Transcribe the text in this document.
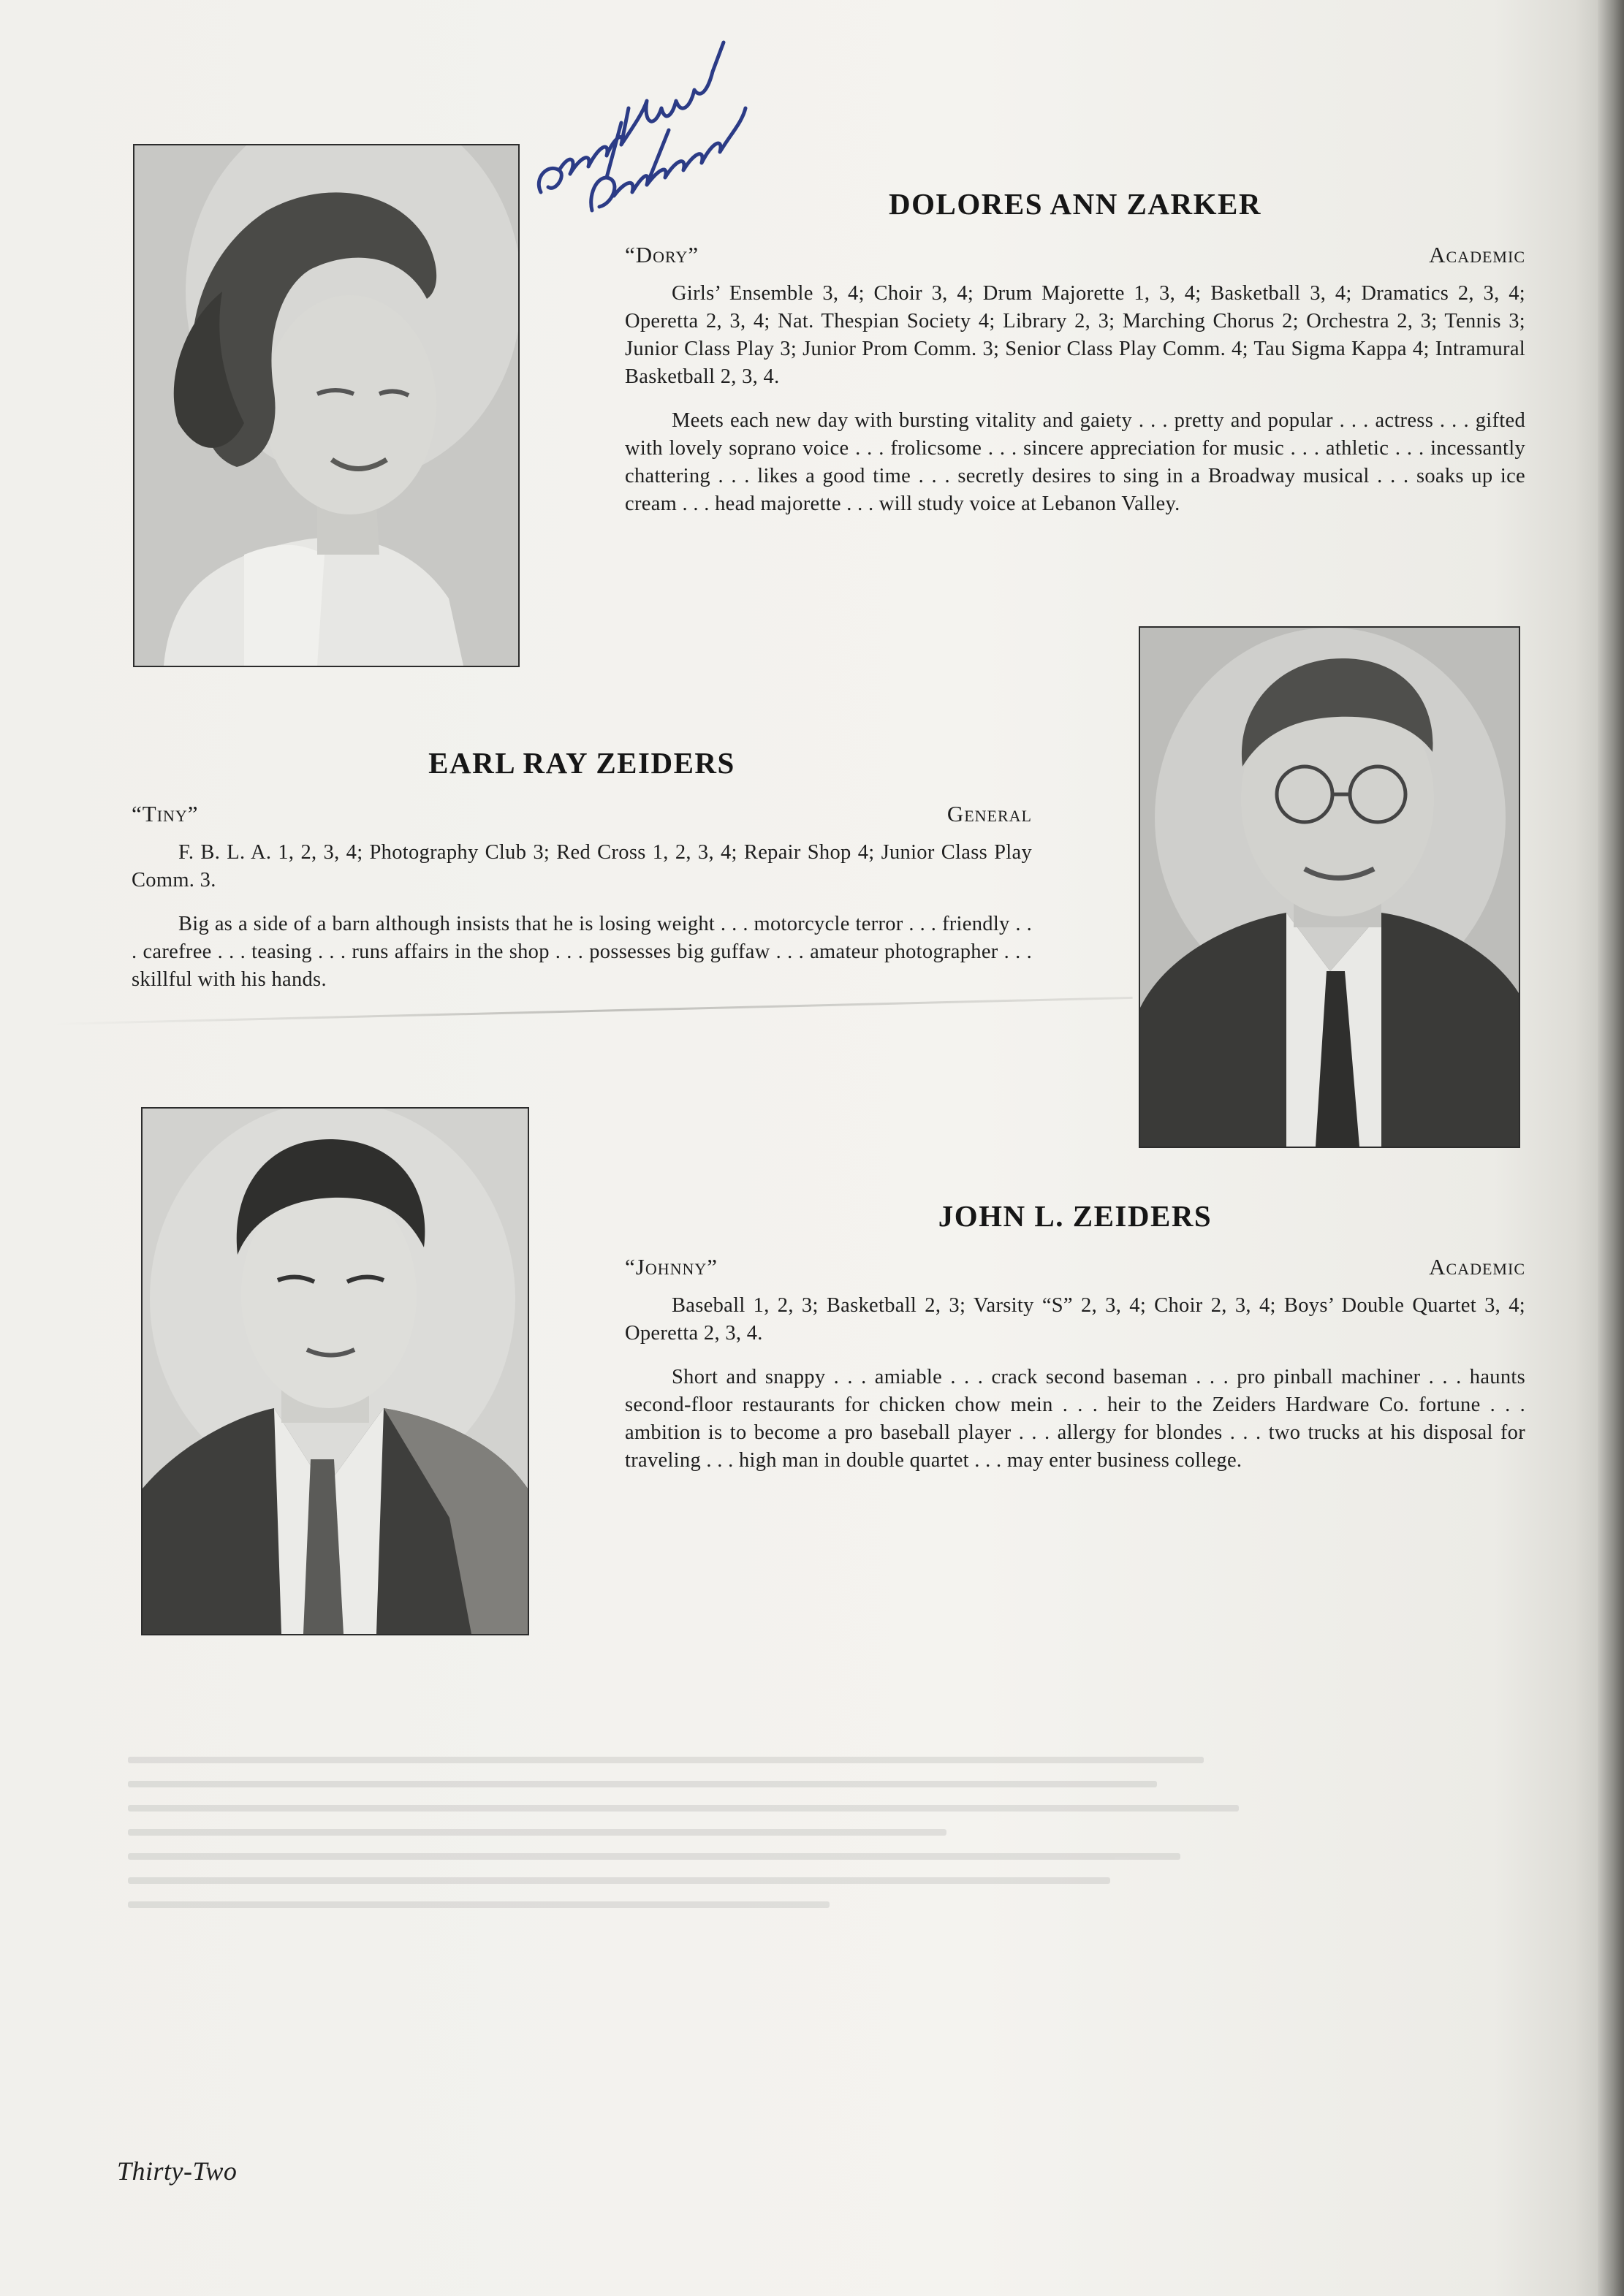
DOLORES ANN ZARKER
“Dory”	Academic

Girls’ Ensemble 3, 4; Choir 3, 4; Drum Majorette 1, 3, 4; Basketball 3, 4; Dramatics 2, 3, 4; Operetta 2, 3, 4; Nat. Thespian Society 4; Library 2, 3; Marching Chorus 2; Orchestra 2, 3; Tennis 3; Junior Class Play 3; Junior Prom Comm. 3; Senior Class Play Comm. 4; Tau Sigma Kappa 4; Intramural Basketball 2, 3, 4.

Meets each new day with bursting vitality and gaiety . . . pretty and popular . . . actress . . . gifted with lovely soprano voice . . . frolicsome . . . sincere appreciation for music . . . athletic . . . incessantly chattering . . . likes a good time . . . secretly desires to sing in a Broadway musical . . . soaks up ice cream . . . head majorette . . . will study voice at Lebanon Valley.

EARL RAY ZEIDERS
“Tiny”	General

F. B. L. A. 1, 2, 3, 4; Photography Club 3; Red Cross 1, 2, 3, 4; Repair Shop 4; Junior Class Play Comm. 3.

Big as a side of a barn although insists that he is losing weight . . . motorcycle terror . . . friendly . . . carefree . . . teasing . . . runs affairs in the shop . . . possesses big guffaw . . . amateur photographer . . . skillful with his hands.

JOHN L. ZEIDERS
“Johnny”	Academic

Baseball 1, 2, 3; Basketball 2, 3; Varsity “S” 2, 3, 4; Choir 2, 3, 4; Boys’ Double Quartet 3, 4; Operetta 2, 3, 4.

Short and snappy . . . amiable . . . crack second baseman . . . pro pinball machiner . . . haunts second-floor restaurants for chicken chow mein . . . heir to the Zeiders Hardware Co. fortune . . . ambition is to become a pro baseball player . . . allergy for blondes . . . two trucks at his disposal for traveling . . . high man in double quartet . . . may enter business college.

Thirty-Two
